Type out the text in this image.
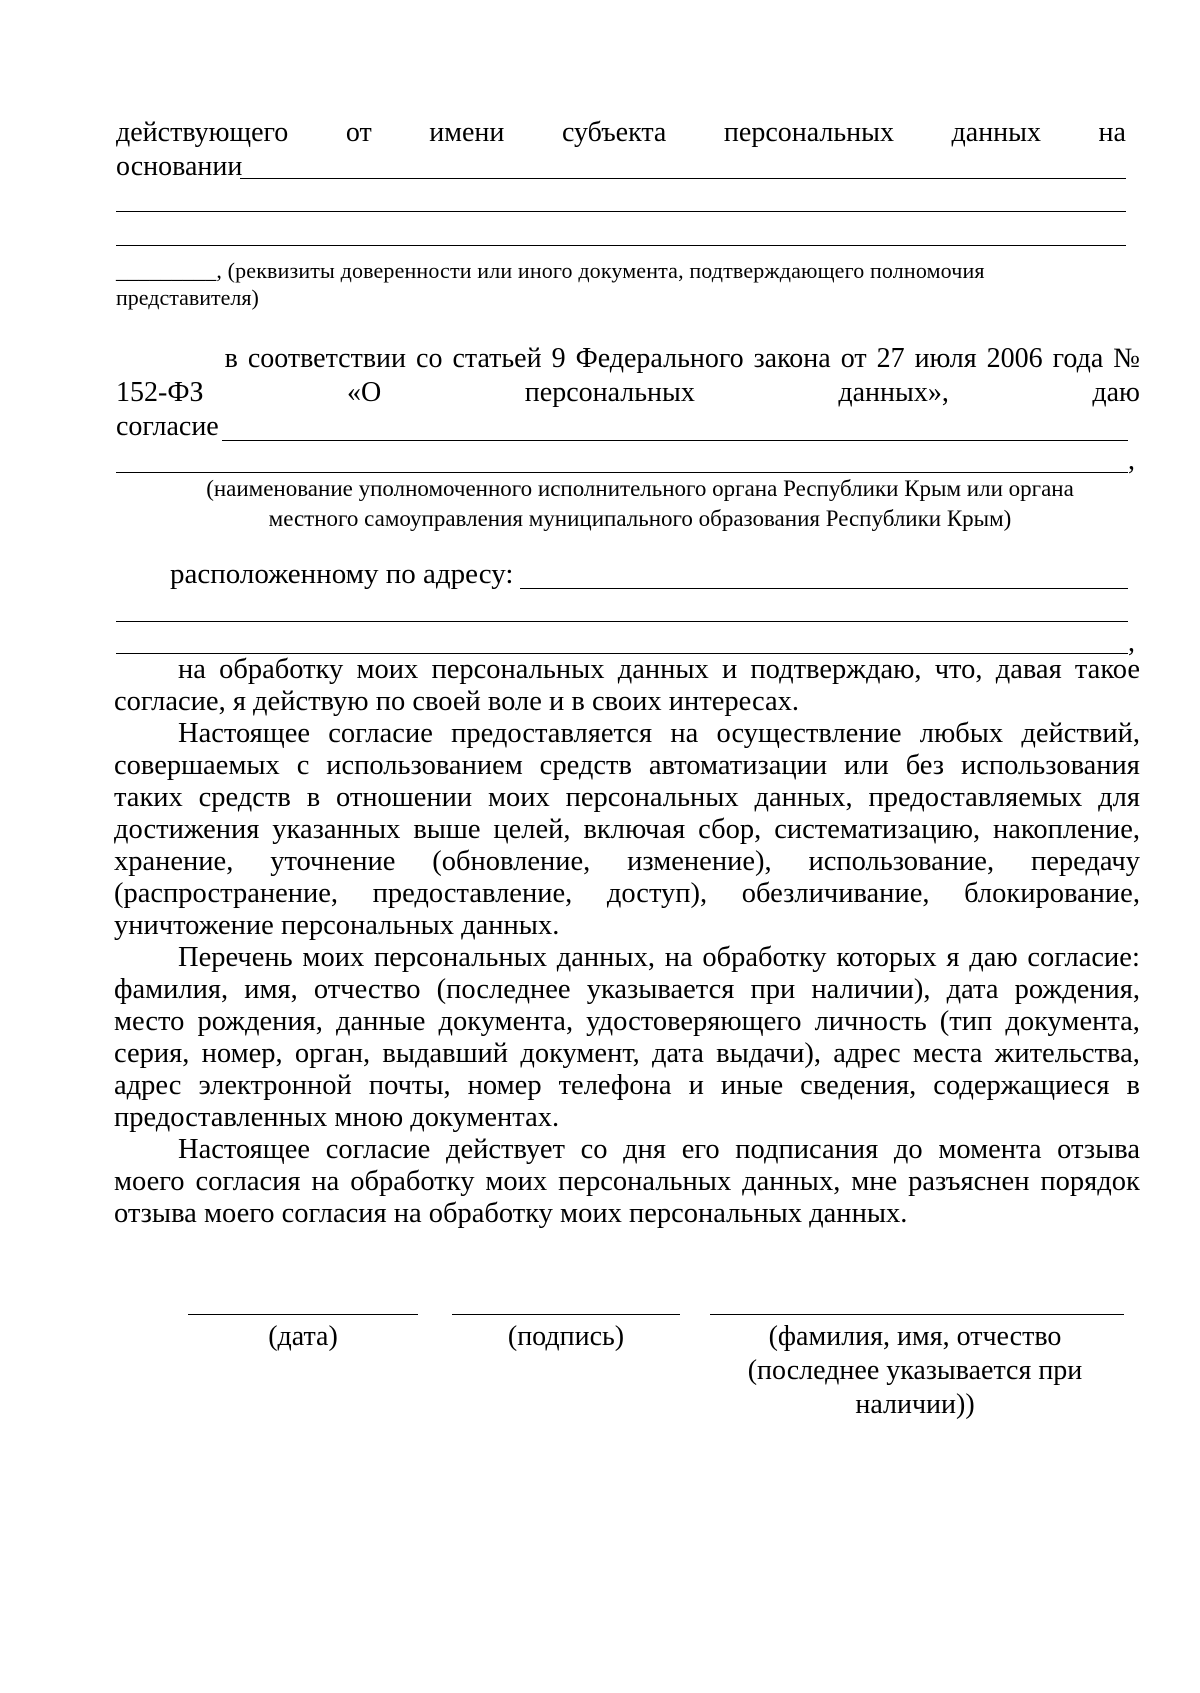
действующего от имени субъекта персональных данных на
основании
_________, (реквизиты доверенности или иного документа, подтверждающего полномочия
представителя)
в соответствии со статьей 9 Федерального закона от 27 июля 2006 года №
152-ФЗ	«О	персональных	данных»,	даю
согласие
,
(наименование уполномоченного исполнительного органа Республики Крым или органа
местного самоуправления муниципального образования Республики Крым)
расположенному по адресу:
,
на обработку моих персональных данных и подтверждаю, что, давая такое
согласие, я действую по своей воле и в своих интересах.
Настоящее согласие предоставляется на осуществление любых действий,
совершаемых с использованием средств автоматизации или без использования
таких средств в отношении моих персональных данных, предоставляемых для
достижения указанных выше целей, включая сбор, систематизацию, накопление,
хранение, уточнение (обновление, изменение), использование, передачу
(распространение, предоставление, доступ), обезличивание, блокирование,
уничтожение персональных данных.
Перечень моих персональных данных, на обработку которых я даю согласие:
фамилия, имя, отчество (последнее указывается при наличии), дата рождения,
место рождения, данные документа, удостоверяющего личность (тип документа,
серия, номер, орган, выдавший документ, дата выдачи), адрес места жительства,
адрес электронной почты, номер телефона и иные сведения, содержащиеся в
предоставленных мною документах.
Настоящее согласие действует со дня его подписания до момента отзыва
моего согласия на обработку моих персональных данных, мне разъяснен порядок
отзыва моего согласия на обработку моих персональных данных.
(дата)	(подпись)	(фамилия, имя, отчество
(последнее указывается при
наличии))
